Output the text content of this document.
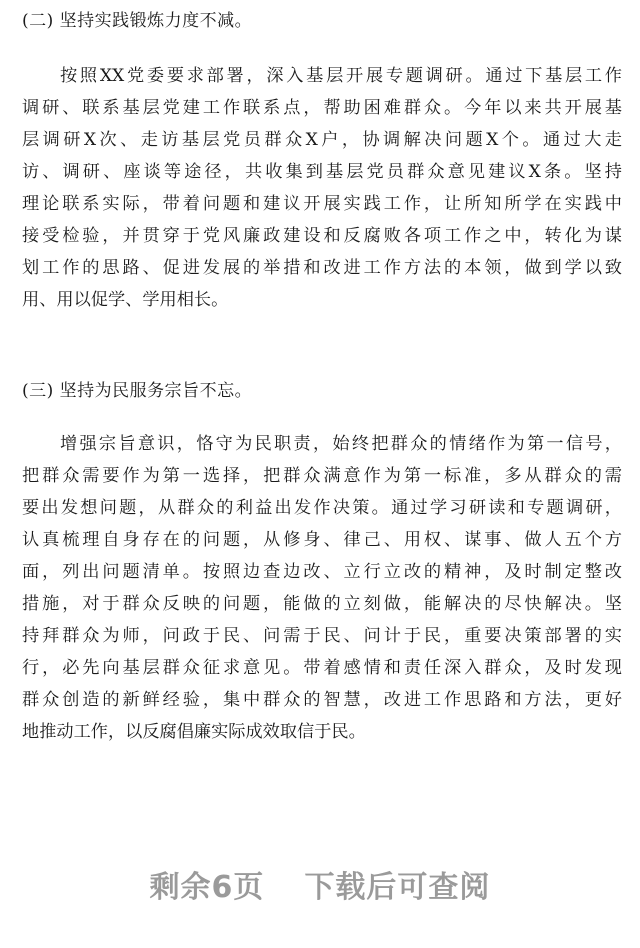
(二) 坚持实践锻炼力度不减。
按照XX党委要求部署，深入基层开展专题调研。通过下基层工作
调研、联系基层党建工作联系点，帮助困难群众。今年以来共开展基
层调研X次、走访基层党员群众X户，协调解决问题X个。通过大走
访、调研、座谈等途径，共收集到基层党员群众意见建议X条。坚持
理论联系实际，带着问题和建议开展实践工作，让所知所学在实践中
接受检验，并贯穿于党风廉政建设和反腐败各项工作之中，转化为谋
划工作的思路、促进发展的举措和改进工作方法的本领，做到学以致
用、用以促学、学用相长。
(三) 坚持为民服务宗旨不忘。
增强宗旨意识，恪守为民职责，始终把群众的情绪作为第一信号，
把群众需要作为第一选择，把群众满意作为第一标准，多从群众的需
要出发想问题，从群众的利益出发作决策。通过学习研读和专题调研，
认真梳理自身存在的问题，从修身、律己、用权、谋事、做人五个方
面，列出问题清单。按照边查边改、立行立改的精神，及时制定整改
措施，对于群众反映的问题，能做的立刻做，能解决的尽快解决。坚
持拜群众为师，问政于民、问需于民、问计于民，重要决策部署的实
行，必先向基层群众征求意见。带着感情和责任深入群众，及时发现
群众创造的新鲜经验，集中群众的智慧，改进工作思路和方法，更好
地推动工作，以反腐倡廉实际成效取信于民。
剩余6页 下载后可查阅
